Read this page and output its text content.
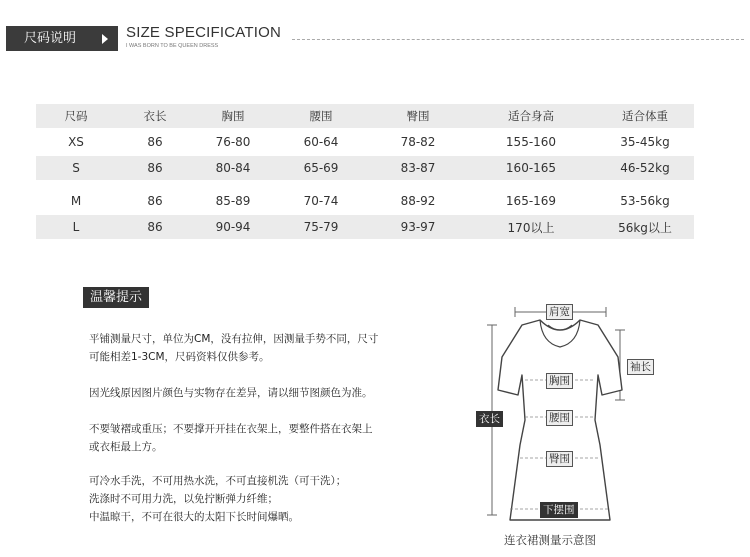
尺码说明	SIZE SPECIFICATION
I WAS BORN TO BE QUEEN DRESS
尺码	衣长	胸围	腰围	臀围	适合身高	适合体重
XS	86	76-80	60-64	78-82	155-160	35-45kg
S	86	80-84	65-69	83-87	160-165	46-52kg
M	86	85-89	70-74	88-92	165-169	53-56kg
L	86	90-94	75-79	93-97	170以上	56kg以上
温馨提示
平铺测量尺寸，单位为CM，没有拉伸，因测量手势不同，尺寸
可能相差1-3CM，尺码资料仅供参考。
因光线原因图片颜色与实物存在差异，请以细节图颜色为准。
不要皱褶或重压；不要撑开开挂在衣架上，要整件搭在衣架上
或衣柜最上方。
可冷水手洗，不可用热水洗，不可直接机洗（可干洗）；
洗涤时不可用力洗，以免拧断弹力纤维；
中温晾干，不可在很大的太阳下长时间爆晒。
肩宽
袖长
胸围
衣长	腰围
臀围
下摆围
连衣裙测量示意图
